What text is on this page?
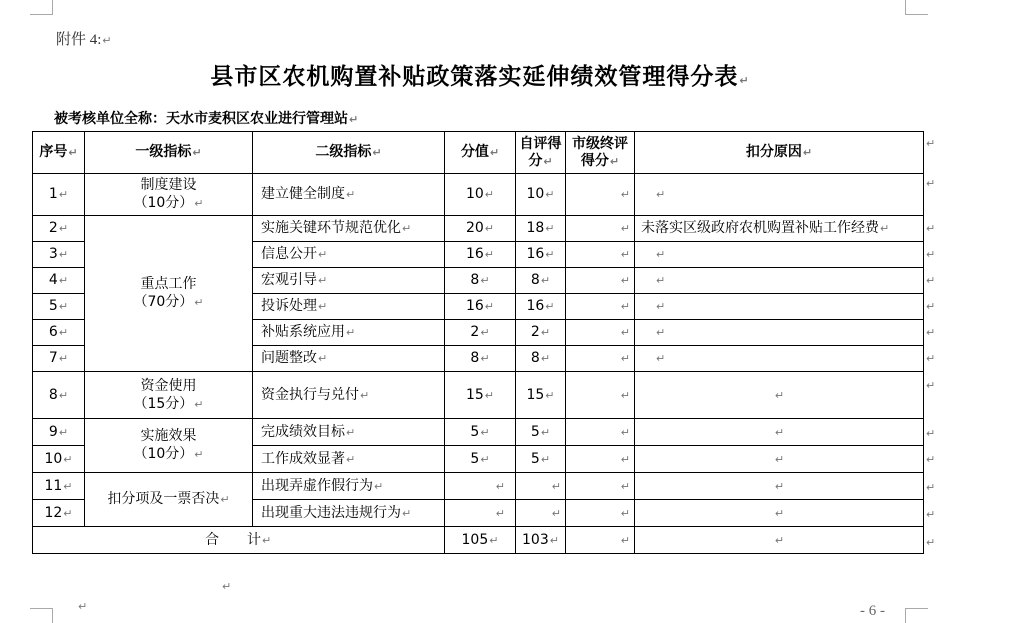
附件 4:↵
县市区农机购置补贴政策落实延伸绩效管理得分表↵
被考核单位全称：天水市麦积区农业进行管理站↵
序号↵	一级指标↵	二级指标↵	分值↵	自评得分↵	市级终评得分↵	扣分原因↵
1↵	制度建设
（10分）↵	建立健全制度↵	10↵	10↵	↵	↵
2↵	重点工作
（70分）↵	实施关键环节规范优化↵	20↵	18↵	↵	未落实区级政府农机购置补贴工作经费↵
3↵		信息公开↵	16↵	16↵	↵	↵
4↵		宏观引导↵	8↵	8↵	↵	↵
5↵		投诉处理↵	16↵	16↵	↵	↵
6↵		补贴系统应用↵	2↵	2↵	↵	↵
7↵		问题整改↵	8↵	8↵	↵	↵
8↵	资金使用
（15分）↵	资金执行与兑付↵	15↵	15↵	↵	↵
9↵	实施效果
（10分）↵	完成绩效目标↵	5↵	5↵	↵	↵
10↵		工作成效显著↵	5↵	5↵	↵	↵
11↵	扣分项及一票否决↵	出现弄虚作假行为↵	↵	↵	↵	↵
12↵		出现重大违法违规行为↵	↵	↵	↵	↵
合　　计↵			105↵	103↵	↵	↵
↵
↵
↵
↵
↵
↵
↵
↵
↵
↵
↵
↵
↵
↵
↵
↵	- 6 -
